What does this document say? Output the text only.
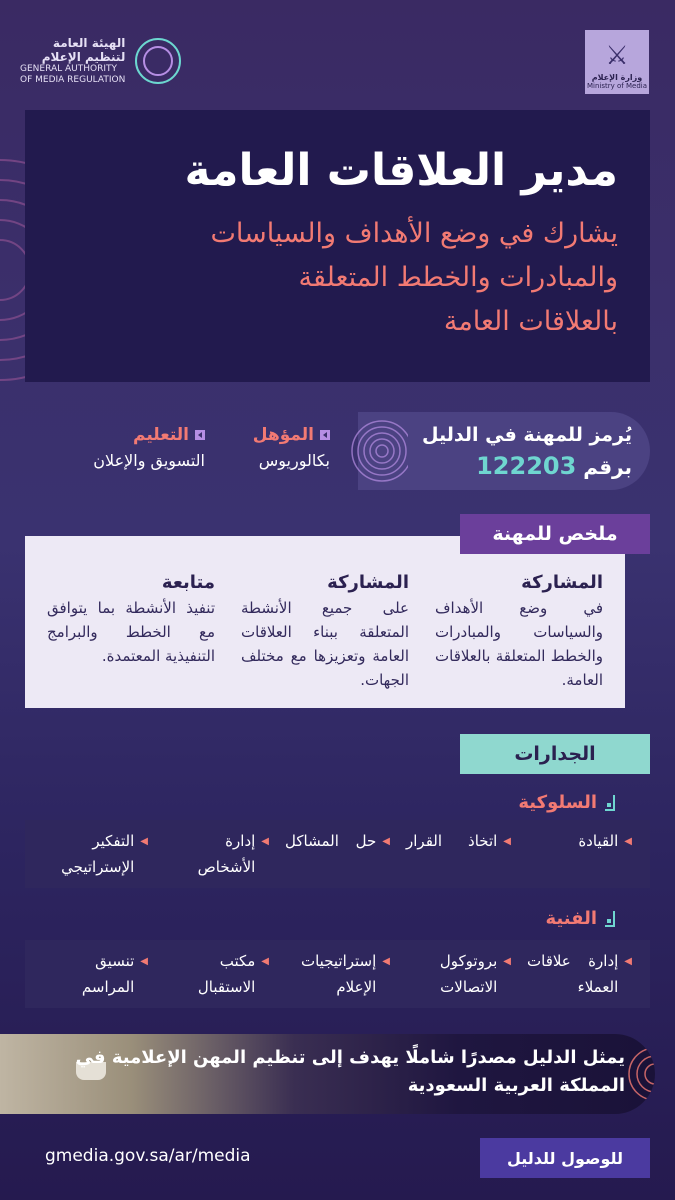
الهيئة العامة
لتنظيم الإعلام
GENERAL AUTHORITY
OF MEDIA REGULATION
⚔
وزارة الإعلام
Ministry of Media
مدير العلاقات العامة
يشارك في وضع الأهداف والسياسات
والمبادرات والخطط المتعلقة
بالعلاقات العامة
يُرمز للمهنة في الدليل
برقم 122203
المؤهل
بكالوريوس
التعليم
التسويق والإعلان
المشاركة
في وضع الأهداف والسياسات والمبادرات والخطط المتعلقة بالعلاقات العامة.
المشاركة
على جميع الأنشطة المتعلقة ببناء العلاقات العامة وتعزيزها مع مختلف الجهات.
متابعة
تنفيذ الأنشطة بما يتوافق مع الخطط والبرامج التنفيذية المعتمدة.
ملخص للمهنة
الجدارات
السلوكية
◀
القيادة
◀
اتخاذ القرار
◀
حل المشاكل
◀
إدارة الأشخاص
◀
التفكير الإستراتيجي
الفنية
◀
إدارة علاقات العملاء
◀
بروتوكول الاتصالات
◀
إستراتيجيات الإعلام
◀
مكتب الاستقبال
◀
تنسيق المراسم
يمثل الدليل مصدرًا شاملًا يهدف إلى تنظيم المهن الإعلامية في المملكة العربية السعودية
gmedia.gov.sa/ar/media	للوصول للدليل
